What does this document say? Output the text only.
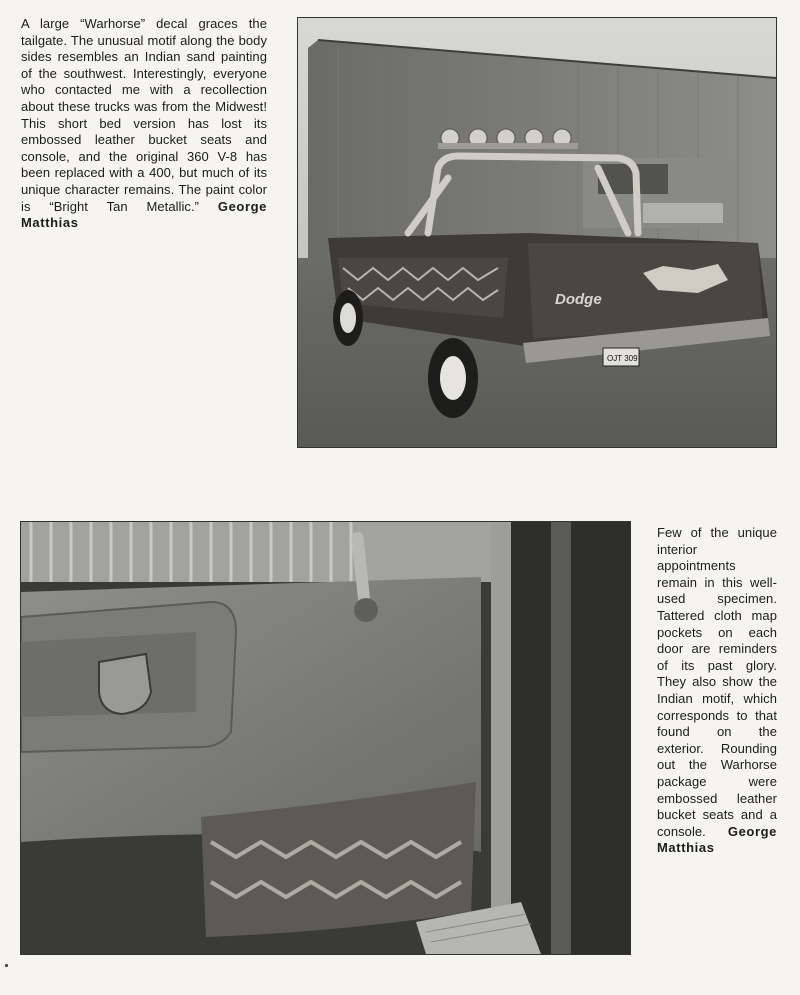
A large “Warhorse” decal graces the tailgate. The unusual motif along the body sides resembles an Indian sand painting of the southwest. Interestingly, everyone who contacted me with a recollection about these trucks was from the Midwest! This short bed version has lost its embossed leather bucket seats and console, and the original 360 V-8 has been replaced with a 400, but much of its unique character remains. The paint color is “Bright Tan Metallic.” George Matthias
Dodge
OJT 309
Few of the unique interior appointments remain in this well-used specimen. Tattered cloth map pockets on each door are reminders of its past glory. They also show the Indian motif, which corresponds to that found on the exterior. Rounding out the Warhorse package were embossed leather bucket seats and a console. George Matthias
